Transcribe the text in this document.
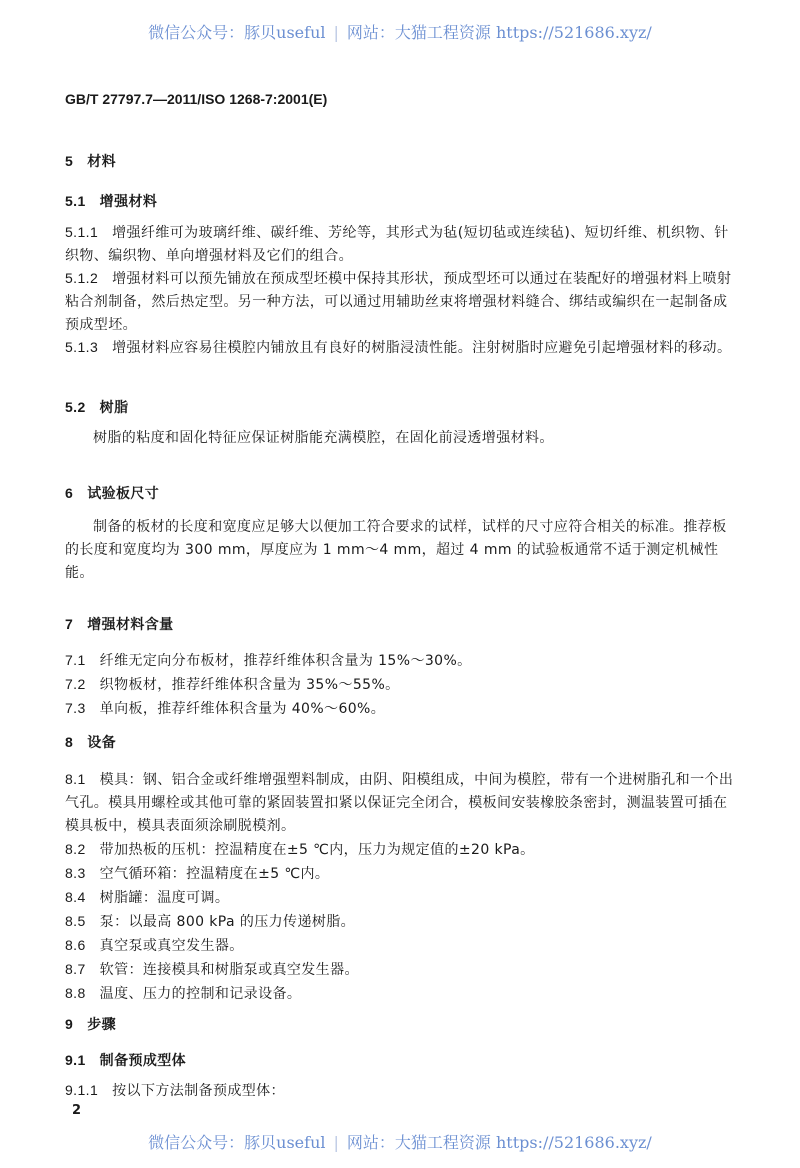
微信公众号：豚贝useful | 网站：大猫工程资源 https://521686.xyz/
GB/T 27797.7—2011/ISO 1268-7:2001(E)
5 材料
5.1 增强材料
5.1.1 增强纤维可为玻璃纤维、碳纤维、芳纶等，其形式为毡(短切毡或连续毡)、短切纤维、机织物、针织物、编织物、单向增强材料及它们的组合。
5.1.2 增强材料可以预先铺放在预成型坯模中保持其形状，预成型坯可以通过在装配好的增强材料上喷射粘合剂制备，然后热定型。另一种方法，可以通过用辅助丝束将增强材料缝合、绑结或编织在一起制备成预成型坯。
5.1.3 增强材料应容易往模腔内铺放且有良好的树脂浸渍性能。注射树脂时应避免引起增强材料的移动。
5.2 树脂
树脂的粘度和固化特征应保证树脂能充满模腔，在固化前浸透增强材料。
6 试验板尺寸
制备的板材的长度和宽度应足够大以便加工符合要求的试样，试样的尺寸应符合相关的标准。推荐板的长度和宽度均为 300 mm，厚度应为 1 mm～4 mm，超过 4 mm 的试验板通常不适于测定机械性能。
7 增强材料含量
7.1 纤维无定向分布板材，推荐纤维体积含量为 15%～30%。
7.2 织物板材，推荐纤维体积含量为 35%～55%。
7.3 单向板，推荐纤维体积含量为 40%～60%。
8 设备
8.1 模具：钢、铝合金或纤维增强塑料制成，由阴、阳模组成，中间为模腔，带有一个进树脂孔和一个出气孔。模具用螺栓或其他可靠的紧固装置扣紧以保证完全闭合，模板间安装橡胶条密封，测温装置可插在模具板中，模具表面须涂刷脱模剂。
8.2 带加热板的压机：控温精度在±5 ℃内，压力为规定值的±20 kPa。
8.3 空气循环箱：控温精度在±5 ℃内。
8.4 树脂罐：温度可调。
8.5 泵：以最高 800 kPa 的压力传递树脂。
8.6 真空泵或真空发生器。
8.7 软管：连接模具和树脂泵或真空发生器。
8.8 温度、压力的控制和记录设备。
9 步骤
9.1 制备预成型体
9.1.1 按以下方法制备预成型体：
2
微信公众号：豚贝useful | 网站：大猫工程资源 https://521686.xyz/
